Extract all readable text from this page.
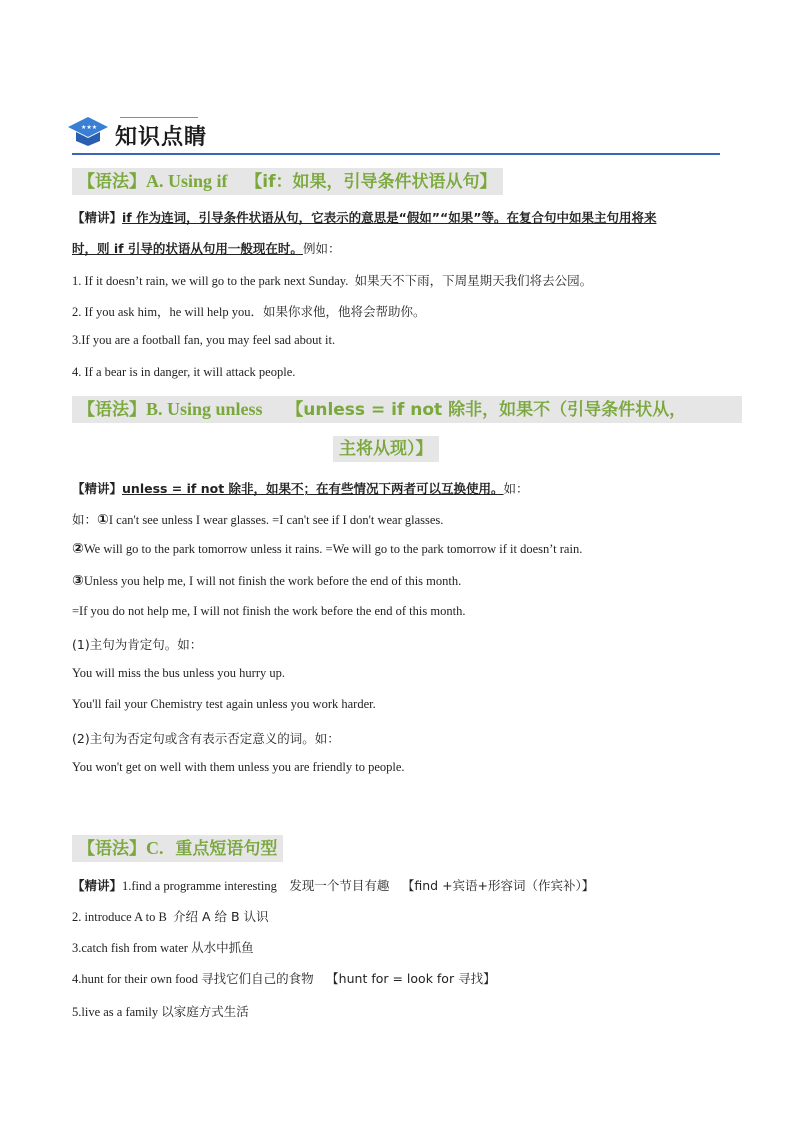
★★★ 知识点睛
【语法】A. Using if 【if：如果，引导条件状语从句】
【精讲】if 作为连词，引导条件状语从句，它表示的意思是“假如”“如果”等。在复合句中如果主句用将来
时，则 if 引导的状语从句用一般现在时。例如：
1. If it doesn’t rain, we will go to the park next Sunday. 如果天不下雨，下周星期天我们将去公园。
2. If you ask him，he will help you．如果你求他，他将会帮助你。
3.If you are a football fan, you may feel sad about it.
4. If a bear is in danger, it will attack people.
【语法】B. Using unless 【unless = if not 除非，如果不（引导条件状从，
主将从现）】
【精讲】unless = if not 除非，如果不；在有些情况下两者可以互换使用。如：
如：①I can't see unless I wear glasses. =I can't see if I don't wear glasses.
②We will go to the park tomorrow unless it rains. =We will go to the park tomorrow if it doesn’t rain.
③Unless you help me, I will not finish the work before the end of this month.
=If you do not help me, I will not finish the work before the end of this month.
(1)主句为肯定句。如：
You will miss the bus unless you hurry up.
You'll fail your Chemistry test again unless you work harder.
(2)主句为否定句或含有表示否定意义的词。如：
You won't get on well with them unless you are friendly to people.
【语法】C. 重点短语句型
【精讲】1.find a programme interesting 发现一个节目有趣 【find +宾语+形容词（作宾补）】
2. introduce A to B 介绍 A 给 B 认识
3.catch fish from water 从水中抓鱼
4.hunt for their own food 寻找它们自己的食物 【hunt for = look for 寻找】
5.live as a family 以家庭方式生活
